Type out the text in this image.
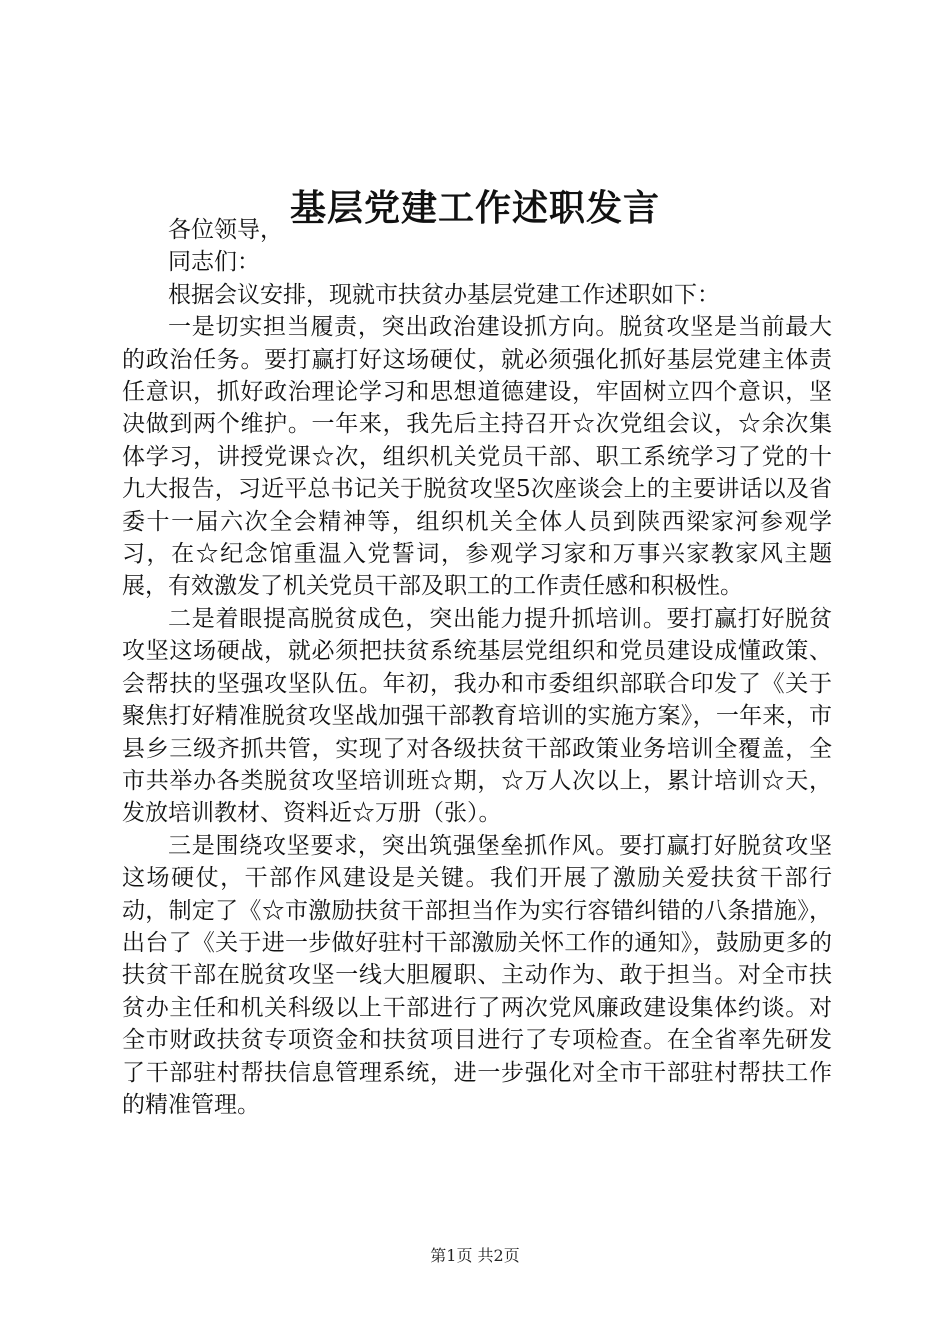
基层党建工作述职发言

各位领导，

同志们：

根据会议安排，现就市扶贫办基层党建工作述职如下：

一是切实担当履责，突出政治建设抓方向。脱贫攻坚是当前最大的政治任务。要打赢打好这场硬仗，就必须强化抓好基层党建主体责任意识，抓好政治理论学习和思想道德建设，牢固树立四个意识，坚决做到两个维护。一年来，我先后主持召开☆次党组会议，☆余次集体学习，讲授党课☆次，组织机关党员干部、职工系统学习了党的十九大报告，习近平总书记关于脱贫攻坚5次座谈会上的主要讲话以及省委十一届六次全会精神等，组织机关全体人员到陕西梁家河参观学习，在☆纪念馆重温入党誓词，参观学习家和万事兴家教家风主题展，有效激发了机关党员干部及职工的工作责任感和积极性。

二是着眼提高脱贫成色，突出能力提升抓培训。要打赢打好脱贫攻坚这场硬战，就必须把扶贫系统基层党组织和党员建设成懂政策、会帮扶的坚强攻坚队伍。年初，我办和市委组织部联合印发了《关于聚焦打好精准脱贫攻坚战加强干部教育培训的实施方案》，一年来，市县乡三级齐抓共管，实现了对各级扶贫干部政策业务培训全覆盖，全市共举办各类脱贫攻坚培训班☆期，☆万人次以上，累计培训☆天，发放培训教材、资料近☆万册（张）。

三是围绕攻坚要求，突出筑强堡垒抓作风。要打赢打好脱贫攻坚这场硬仗，干部作风建设是关键。我们开展了激励关爱扶贫干部行动，制定了《☆市激励扶贫干部担当作为实行容错纠错的八条措施》，出台了《关于进一步做好驻村干部激励关怀工作的通知》，鼓励更多的扶贫干部在脱贫攻坚一线大胆履职、主动作为、敢于担当。对全市扶贫办主任和机关科级以上干部进行了两次党风廉政建设集体约谈。对全市财政扶贫专项资金和扶贫项目进行了专项检查。在全省率先研发了干部驻村帮扶信息管理系统，进一步强化对全市干部驻村帮扶工作的精准管理。

第1页 共2页
